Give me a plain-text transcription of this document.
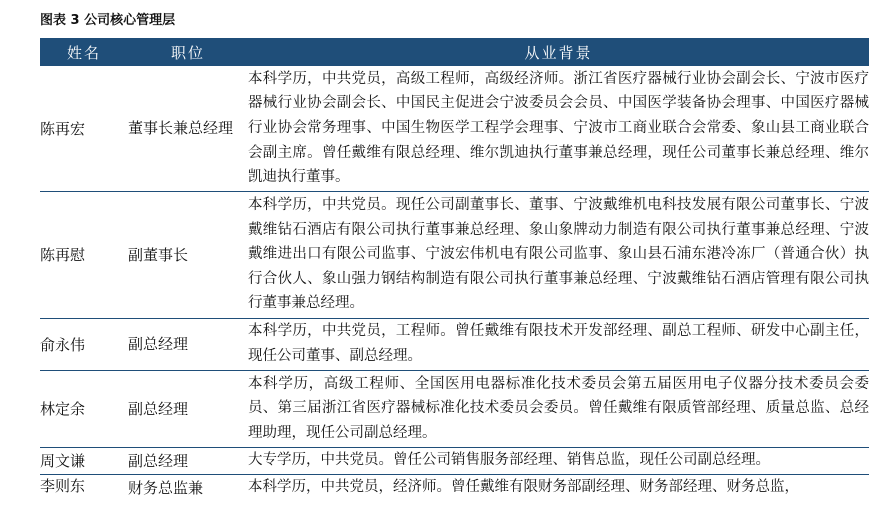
图表 3 公司核心管理层
姓名	职位	从业背景
陈再宏	董事长兼总经理	本科学历，中共党员，高级工程师，高级经济师。浙江省医疗器械行业协会副会长、宁波市医疗器械行业协会副会长、中国民主促进会宁波委员会会员、中国医学装备协会理事、中国医疗器械行业协会常务理事、中国生物医学工程学会理事、宁波市工商业联合会常委、象山县工商业联合会副主席。曾任戴维有限总经理、维尔凯迪执行董事兼总经理，现任公司董事长兼总经理、维尔凯迪执行董事。
陈再慰	副董事长	本科学历，中共党员。现任公司副董事长、董事、宁波戴维机电科技发展有限公司董事长、宁波戴维钻石酒店有限公司执行董事兼总经理、象山象牌动力制造有限公司执行董事兼总经理、宁波戴维进出口有限公司监事、宁波宏伟机电有限公司监事、象山县石浦东港冷冻厂（普通合伙）执行合伙人、象山强力钢结构制造有限公司执行董事兼总经理、宁波戴维钻石酒店管理有限公司执行董事兼总经理。
俞永伟	副总经理	本科学历，中共党员，工程师。曾任戴维有限技术开发部经理、副总工程师、研发中心副主任，现任公司董事、副总经理。
林定余	副总经理	本科学历，高级工程师、全国医用电器标准化技术委员会第五届医用电子仪器分技术委员会委员、第三届浙江省医疗器械标准化技术委员会委员。曾任戴维有限质管部经理、质量总监、总经理助理，现任公司副总经理。
周文谦	副总经理	大专学历，中共党员。曾任公司销售服务部经理、销售总监，现任公司副总经理。
李则东	财务总监兼	本科学历，中共党员，经济师。曾任戴维有限财务部副经理、财务部经理、财务总监，
